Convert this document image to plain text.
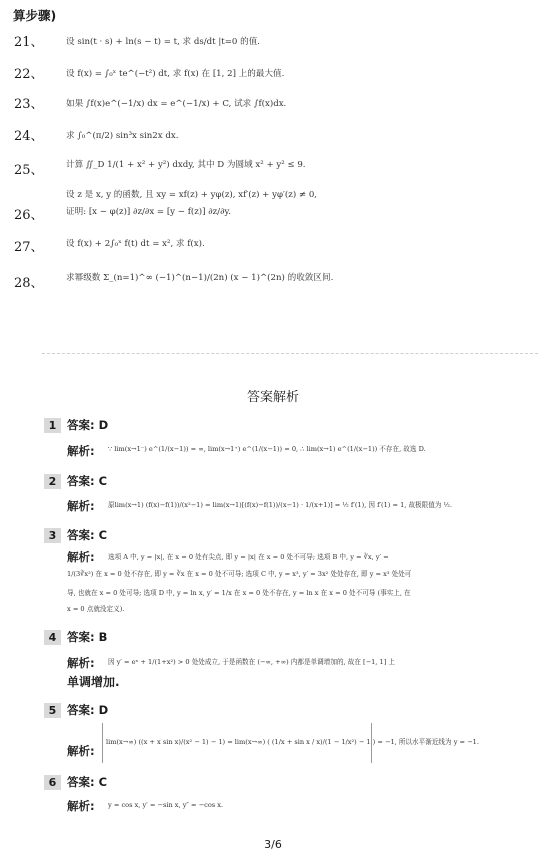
算步骤)
21、	设 sin(t · s) + ln(s − t) = t, 求 ds/dt |t=0 的值.
22、	设 f(x) = ∫₀ˣ te^(−t²) dt, 求 f(x) 在 [1, 2] 上的最大值.
23、	如果 ∫f(x)e^(−1/x) dx = e^(−1/x) + C, 试求 ∫f(x)dx.
24、	求 ∫₀^(π/2) sin³x sin2x dx.
25、	计算 ∬_D 1/(1 + x² + y²) dxdy, 其中 D 为圆域 x² + y² ≤ 9.
设 z 是 x, y 的函数, 且 xy = xf(z) + yφ(z), xf′(z) + yφ′(z) ≠ 0,
26、	证明: [x − φ(z)] ∂z/∂x = [y − f(z)] ∂z/∂y.
27、	设 f(x) + 2∫₀ˣ f(t) dt = x², 求 f(x).
28、	求幂级数 Σ_(n=1)^∞ (−1)^(n−1)/(2n) (x − 1)^(2n) 的收敛区间.
答案解析
1 答案: D
解析: ∵ lim(x→1⁻) e^(1/(x−1)) = ∞, lim(x→1⁺) e^(1/(x−1)) = 0, ∴ lim(x→1) e^(1/(x−1)) 不存在, 故选 D.
2 答案: C
解析: 原lim(x→1) (f(x)−f(1))/(x²−1) = lim(x→1)[(f(x)−f(1))/(x−1) · 1/(x+1)] = ½ f′(1), 因 f′(1) = 1, 故极限值为 ½.
3 答案: C
解析: 选项 A 中, y = |x|, 在 x = 0 处有尖点, 即 y = |x| 在 x = 0 处不可导; 选项 B 中, y = ∛x, y′ =
1/(3∛x²) 在 x = 0 处不存在, 即 y = ∛x 在 x = 0 处不可导; 选项 C 中, y = x³, y′ = 3x² 处处存在, 即 y = x³ 处处可
导, 也就在 x = 0 处可导; 选项 D 中, y = ln x, y′ = 1/x 在 x = 0 处不存在, y = ln x 在 x = 0 处不可导 (事实上, 在
x = 0 点就没定义).
4 答案: B
解析: 因 y′ = eˣ + 1/(1+x²) > 0 处处成立, 于是函数在 (−∞, +∞) 内都是单调增加的, 故在 [−1, 1] 上
单调增加.
5 答案: D
解析:
lim(x→∞) ((x + x sin x)/(x² − 1) − 1) = lim(x→∞) ( (1/x + sin x / x)/(1 − 1/x²) − 1 ) = −1, 所以水平渐近线为 y = −1.
6 答案: C
解析: y = cos x, y′ = −sin x, y″ = −cos x.
3/6
